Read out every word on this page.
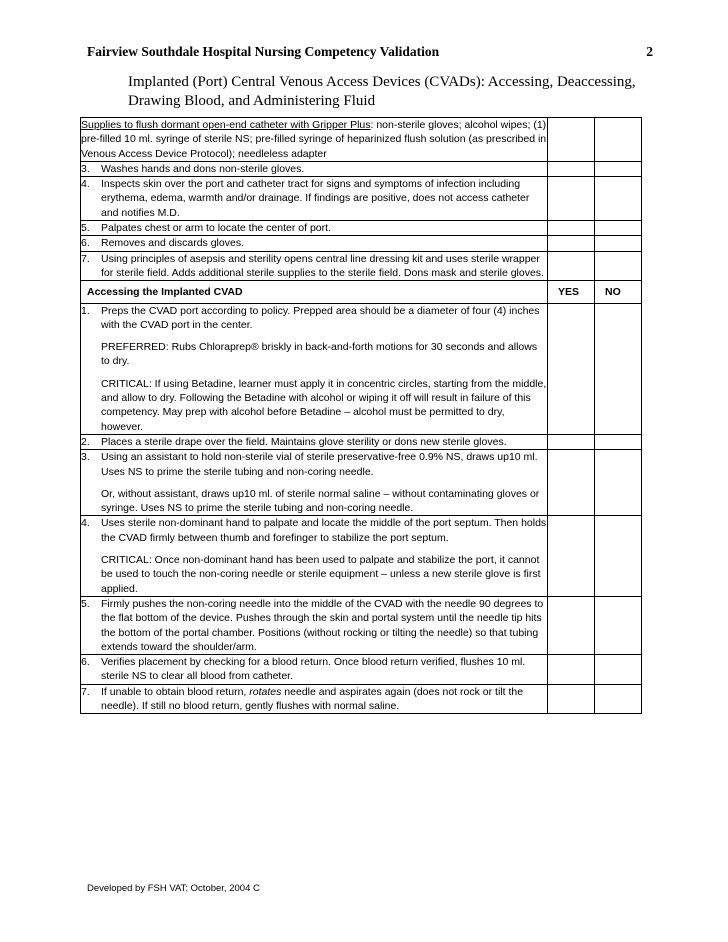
Fairview Southdale Hospital Nursing Competency Validation	2
Implanted (Port) Central Venous Access Devices (CVADs): Accessing, Deaccessing,
Drawing Blood, and Administering Fluid
Supplies to flush dormant open-end catheter with Gripper Plus: non-sterile gloves; alcohol wipes; (1) pre-filled 10 ml. syringe of sterile NS; pre-filled syringe of heparinized flush solution (as prescribed in Venous Access Device Protocol); needleless adapter		

3. Washes hands and dons non-sterile gloves.		

4. Inspects skin over the port and catheter tract for signs and symptoms of infection including erythema, edema, warmth and/or drainage. If findings are positive, does not access catheter and notifies M.D.		

5. Palpates chest or arm to locate the center of port.		

6. Removes and discards gloves.		

7. Using principles of asepsis and sterility opens central line dressing kit and uses sterile wrapper for sterile field. Adds additional sterile supplies to the sterile field. Dons mask and sterile gloves.		

Accessing the Implanted CVAD	YES	NO

1. Preps the CVAD port according to policy. Prepped area should be a diameter of four (4) inches with the CVAD port in the center.
PREFERRED: Rubs Chloraprep® briskly in back-and-forth motions for 30 seconds and allows to dry.
CRITICAL: If using Betadine, learner must apply it in concentric circles, starting from the middle, and allow to dry. Following the Betadine with alcohol or wiping it off will result in failure of this competency. May prep with alcohol before Betadine – alcohol must be permitted to dry, however.		

2. Places a sterile drape over the field. Maintains glove sterility or dons new sterile gloves.		

3. Using an assistant to hold non-sterile vial of sterile preservative-free 0.9% NS, draws up10 ml. Uses NS to prime the sterile tubing and non-coring needle.
Or, without assistant, draws up10 ml. of sterile normal saline – without contaminating gloves or syringe. Uses NS to prime the sterile tubing and non-coring needle.		

4. Uses sterile non-dominant hand to palpate and locate the middle of the port septum. Then holds the CVAD firmly between thumb and forefinger to stabilize the port septum.
CRITICAL: Once non-dominant hand has been used to palpate and stabilize the port, it cannot be used to touch the non-coring needle or sterile equipment – unless a new sterile glove is first applied.		

5. Firmly pushes the non-coring needle into the middle of the CVAD with the needle 90 degrees to the flat bottom of the device. Pushes through the skin and portal system until the needle tip hits the bottom of the portal chamber. Positions (without rocking or tilting the needle) so that tubing extends toward the shoulder/arm.		

6. Verifies placement by checking for a blood return. Once blood return verified, flushes 10 ml. sterile NS to clear all blood from catheter.		

7. If unable to obtain blood return, rotates needle and aspirates again (does not rock or tilt the needle). If still no blood return, gently flushes with normal saline.		

Developed by FSH VAT: October, 2004 C
